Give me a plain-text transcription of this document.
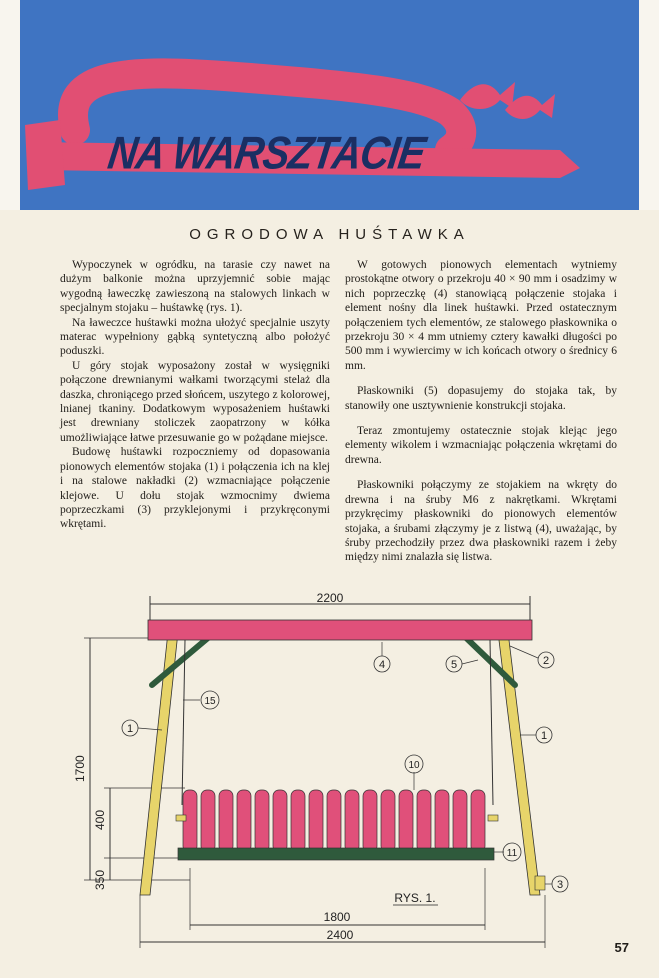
NA WARSZTACIE
OGRODOWA HUŚTAWKA

Wypoczynek w ogródku, na tarasie czy nawet na dużym balkonie można uprzyjemnić sobie mając wygodną ławeczkę zawieszoną na stalowych linkach w specjalnym stojaku – huśtawkę (rys. 1).

Na ławeczce huśtawki można ułożyć specjalnie uszyty materac wypełniony gąbką syntetyczną albo położyć poduszki.

U góry stojak wyposażony został w wysięgniki połączone drewnianymi wałkami tworzącymi stelaż dla daszka, chroniącego przed słońcem, uszytego z kolorowej, lnianej tkaniny. Dodatkowym wyposażeniem huśtawki jest drewniany stoliczek zaopatrzony w kółka umożliwiające łatwe przesuwanie go w pożądane miejsce.

Budowę huśtawki rozpoczniemy od dopasowania pionowych elementów stojaka (1) i połączenia ich na klej i na stalowe nakładki (2) wzmacniające połączenie klejowe. U dołu stojak wzmocnimy dwiema poprzeczkami (3) przyklejonymi i przykręconymi wkrętami.

W gotowych pionowych elementach wytniemy prostokątne otwory o przekroju 40 × 90 mm i osadzimy w nich poprzeczkę (4) stanowiącą połączenie stojaka i element nośny dla linek huśtawki. Przed ostatecznym połączeniem tych elementów, ze stalowego płaskownika o przekroju 30 × 4 mm utniemy cztery kawałki długości po 500 mm i wywiercimy w ich końcach otwory o średnicy 6 mm.

Płaskowniki (5) dopasujemy do stojaka tak, by stanowiły one usztywnienie konstrukcji stojaka.

Teraz zmontujemy ostatecznie stojak klejąc jego elementy wikolem i wzmacniając połączenia wkrętami do drewna.

Płaskowniki połączymy ze stojakiem na wkręty do drewna i na śruby M6 z nakrętkami. Wkrętami przykręcimy płaskowniki do pionowych elementów stojaka, a śrubami złączymy je z listwą (4), uważając, by śruby przechodziły przez dwa płaskowniki razem i żeby między nimi znalazła się listwa.

2200
1700
400
350
4	5	2
15
1
1
10
11
3
RYS. 1.
1800
2400
57
